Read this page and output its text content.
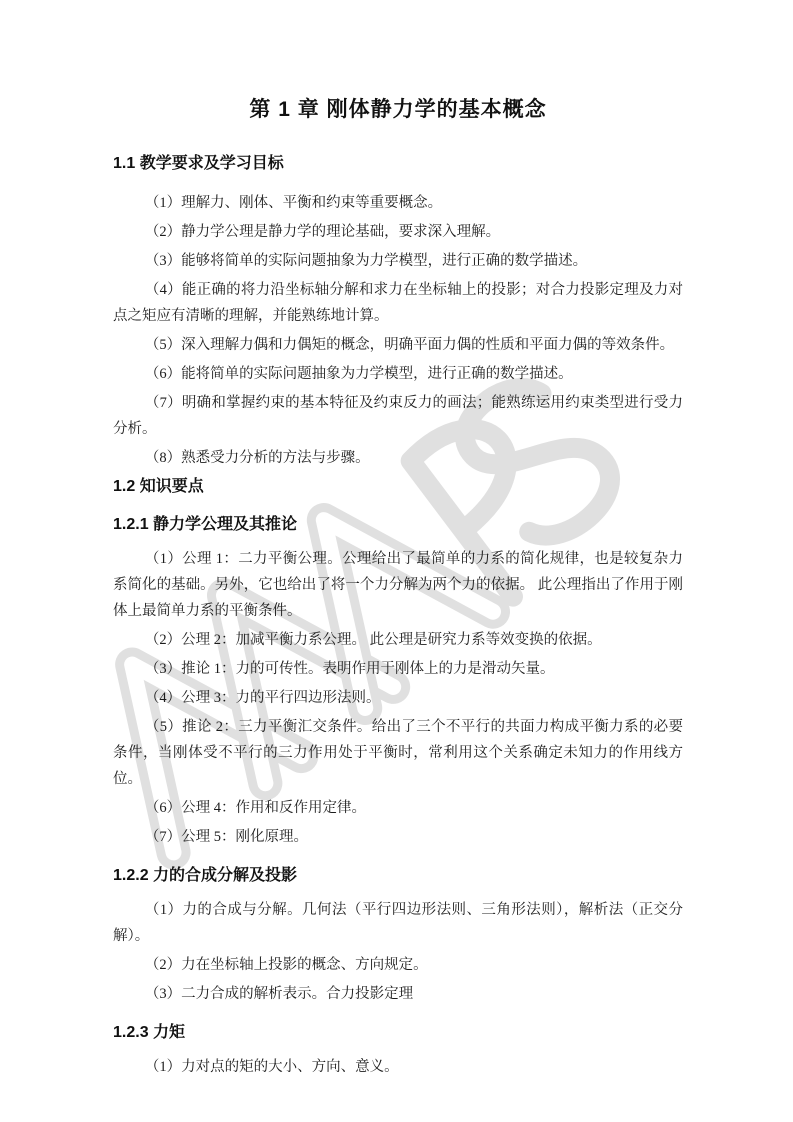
第 1 章 刚体静力学的基本概念
1.1 教学要求及学习目标

（1）理解力、刚体、平衡和约束等重要概念。

（2）静力学公理是静力学的理论基础，要求深入理解。

（3）能够将简单的实际问题抽象为力学模型，进行正确的数学描述。

（4）能正确的将力沿坐标轴分解和求力在坐标轴上的投影；对合力投影定理及力对点之矩应有清晰的理解，并能熟练地计算。

（5）深入理解力偶和力偶矩的概念，明确平面力偶的性质和平面力偶的等效条件。

（6）能将简单的实际问题抽象为力学模型，进行正确的数学描述。

（7）明确和掌握约束的基本特征及约束反力的画法；能熟练运用约束类型进行受力分析。

（8）熟悉受力分析的方法与步骤。

1.2 知识要点
1.2.1 静力学公理及其推论

（1）公理 1：二力平衡公理。公理给出了最简单的力系的简化规律，也是较复杂力系简化的基础。另外，它也给出了将一个力分解为两个力的依据。 此公理指出了作用于刚体上最简单力系的平衡条件。

（2）公理 2：加减平衡力系公理。 此公理是研究力系等效变换的依据。

（3）推论 1：力的可传性。表明作用于刚体上的力是滑动矢量。

（4）公理 3：力的平行四边形法则。

（5）推论 2：三力平衡汇交条件。给出了三个不平行的共面力构成平衡力系的必要条件，当刚体受不平行的三力作用处于平衡时，常利用这个关系确定未知力的作用线方位。

（6）公理 4：作用和反作用定律。

（7）公理 5：刚化原理。

1.2.2 力的合成分解及投影

（1）力的合成与分解。几何法（平行四边形法则、三角形法则），解析法（正交分解）。

（2）力在坐标轴上投影的概念、方向规定。

（3）二力合成的解析表示。合力投影定理

1.2.3 力矩

（1）力对点的矩的大小、方向、意义。
